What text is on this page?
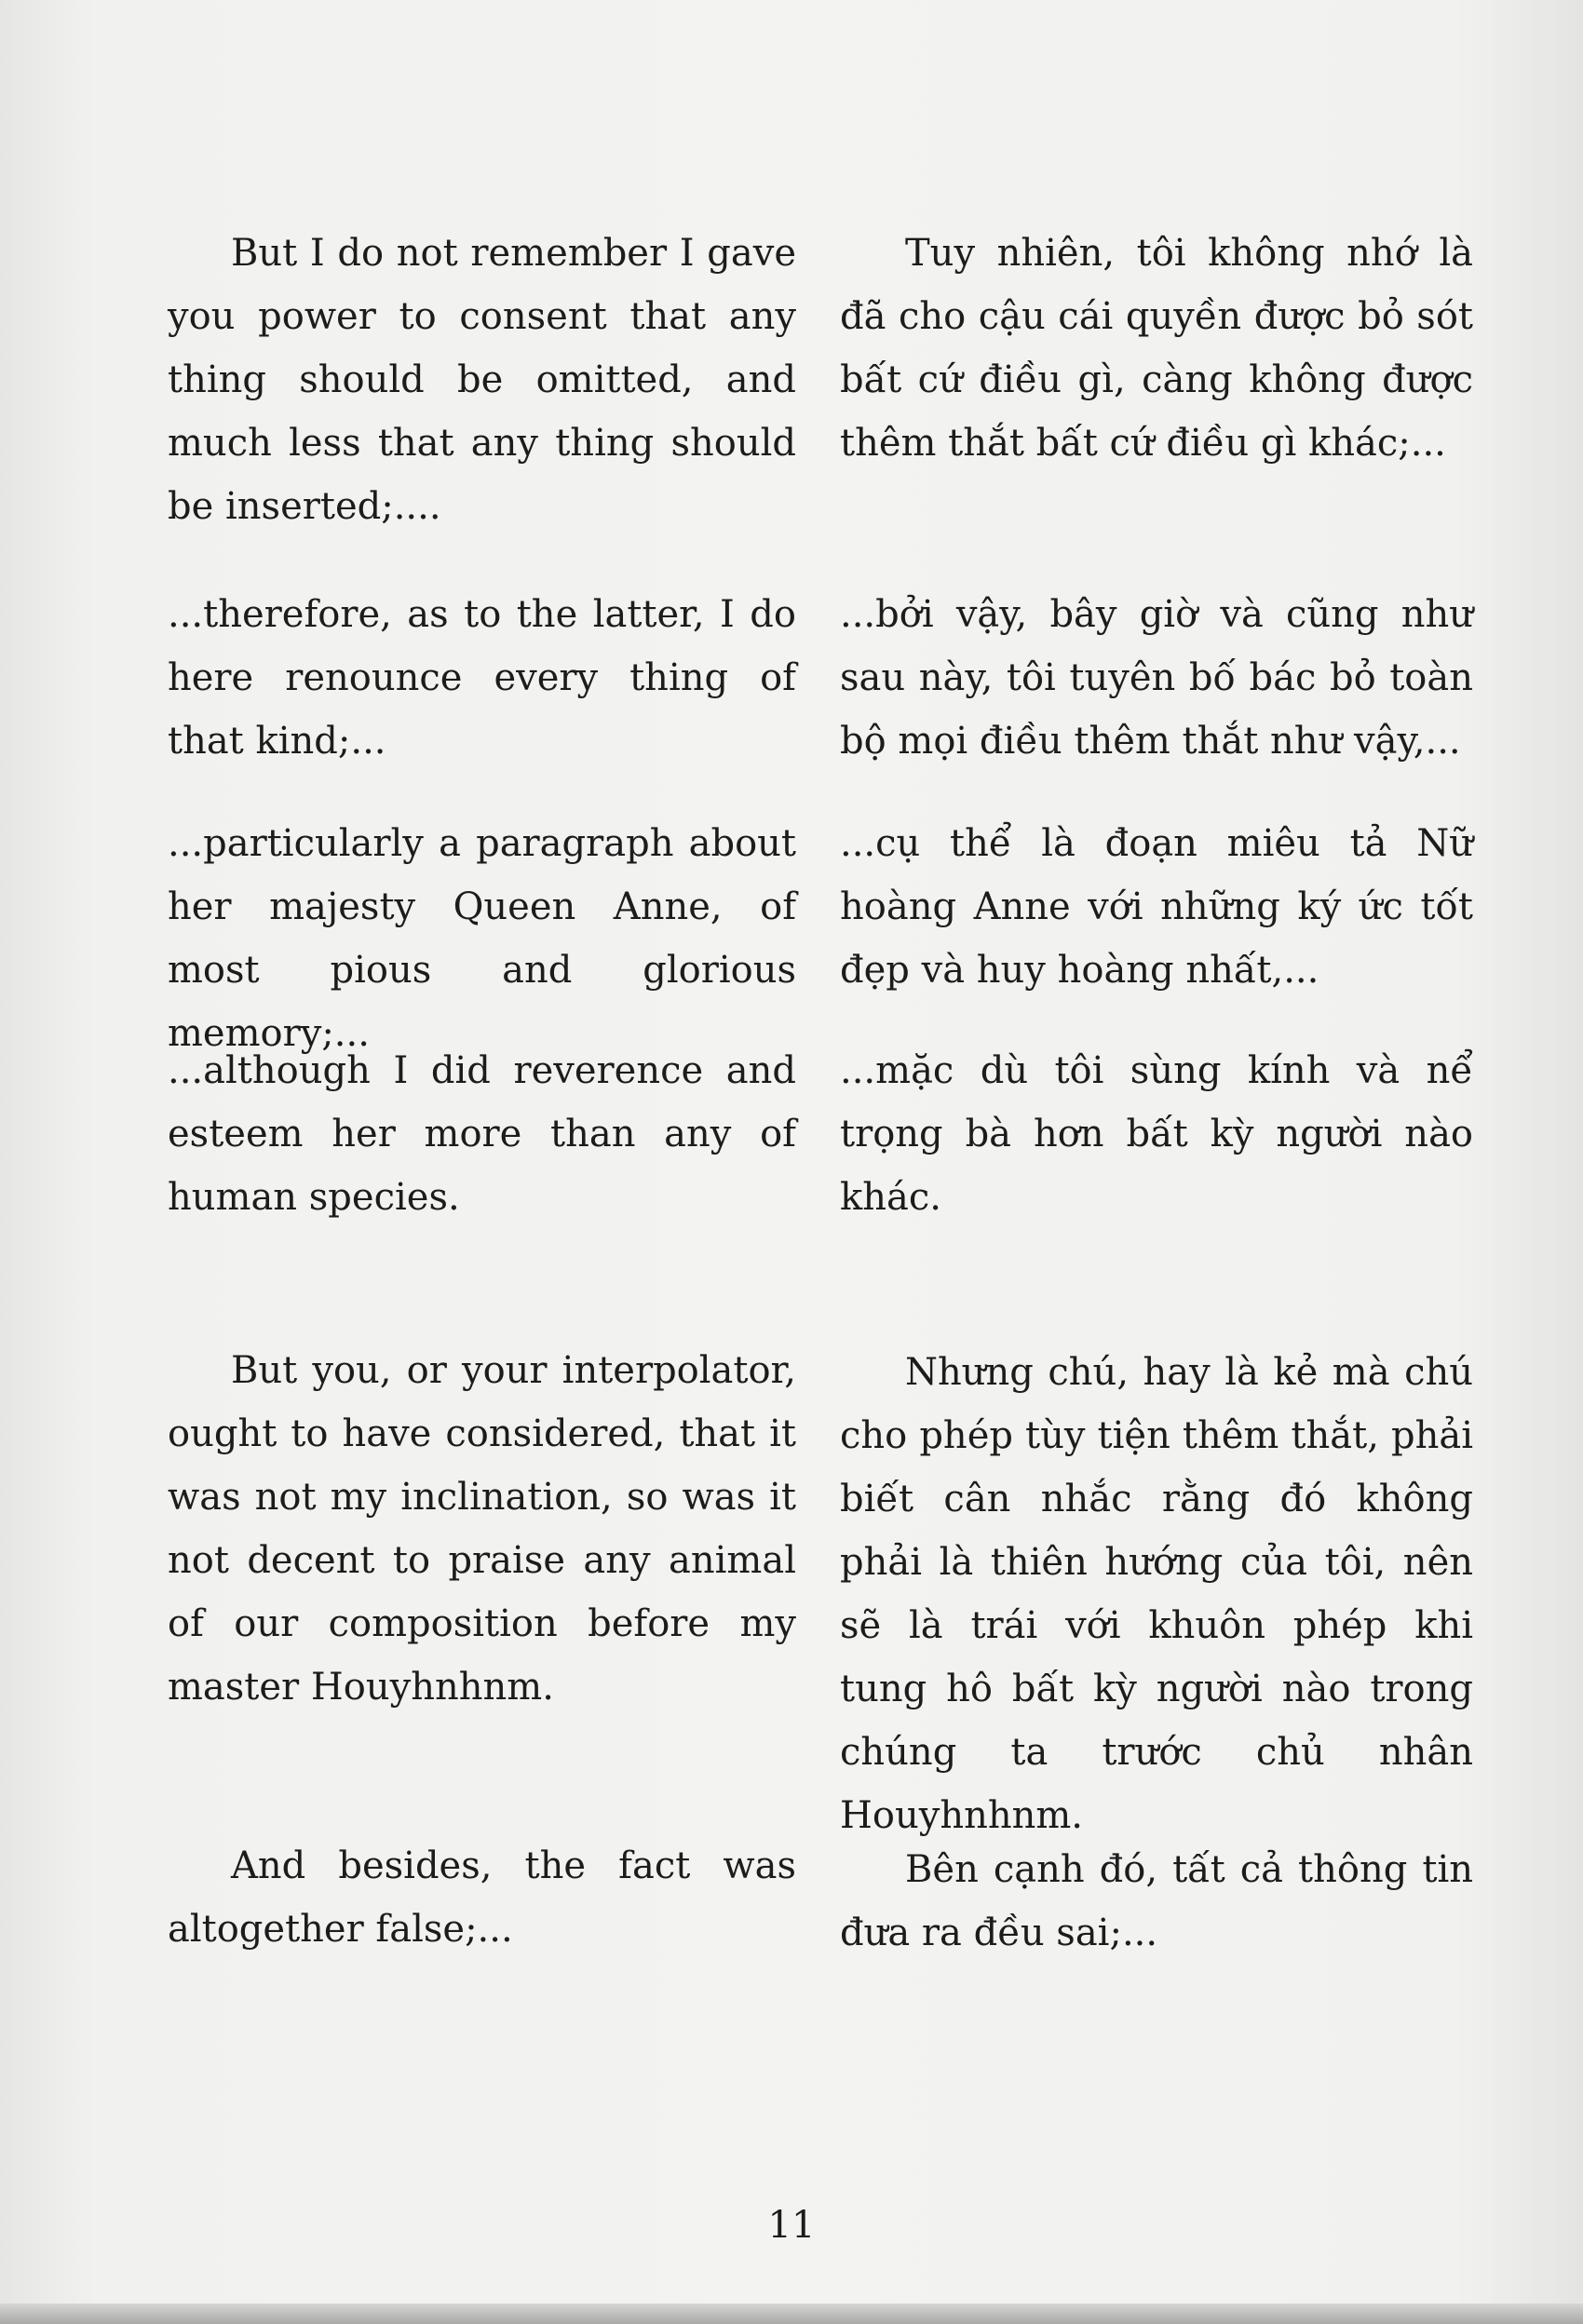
But I do not remember I gave you power to consent that any thing should be omitted, and much less that any thing should be inserted;....

...therefore, as to the latter, I do here renounce every thing of that kind;...

...particularly a paragraph about her majesty Queen Anne, of most pious and glorious memory;...

...although I did reverence and esteem her more than any of human species.

But you, or your interpolator, ought to have considered, that it was not my inclination, so was it not decent to praise any animal of our composition before my master Houyhnhnm.

And besides, the fact was altogether false;...

Tuy nhiên, tôi không nhớ là đã cho cậu cái quyền được bỏ sót bất cứ điều gì, càng không được thêm thắt bất cứ điều gì khác;...

...bởi vậy, bây giờ và cũng như sau này, tôi tuyên bố bác bỏ toàn bộ mọi điều thêm thắt như vậy,...

...cụ thể là đoạn miêu tả Nữ hoàng Anne với những ký ức tốt đẹp và huy hoàng nhất,...

...mặc dù tôi sùng kính và nể trọng bà hơn bất kỳ người nào khác.

Nhưng chú, hay là kẻ mà chú cho phép tùy tiện thêm thắt, phải biết cân nhắc rằng đó không phải là thiên hướng của tôi, nên sẽ là trái với khuôn phép khi tung hô bất kỳ người nào trong chúng ta trước chủ nhân Houyhnhnm.

Bên cạnh đó, tất cả thông tin đưa ra đều sai;...

11
